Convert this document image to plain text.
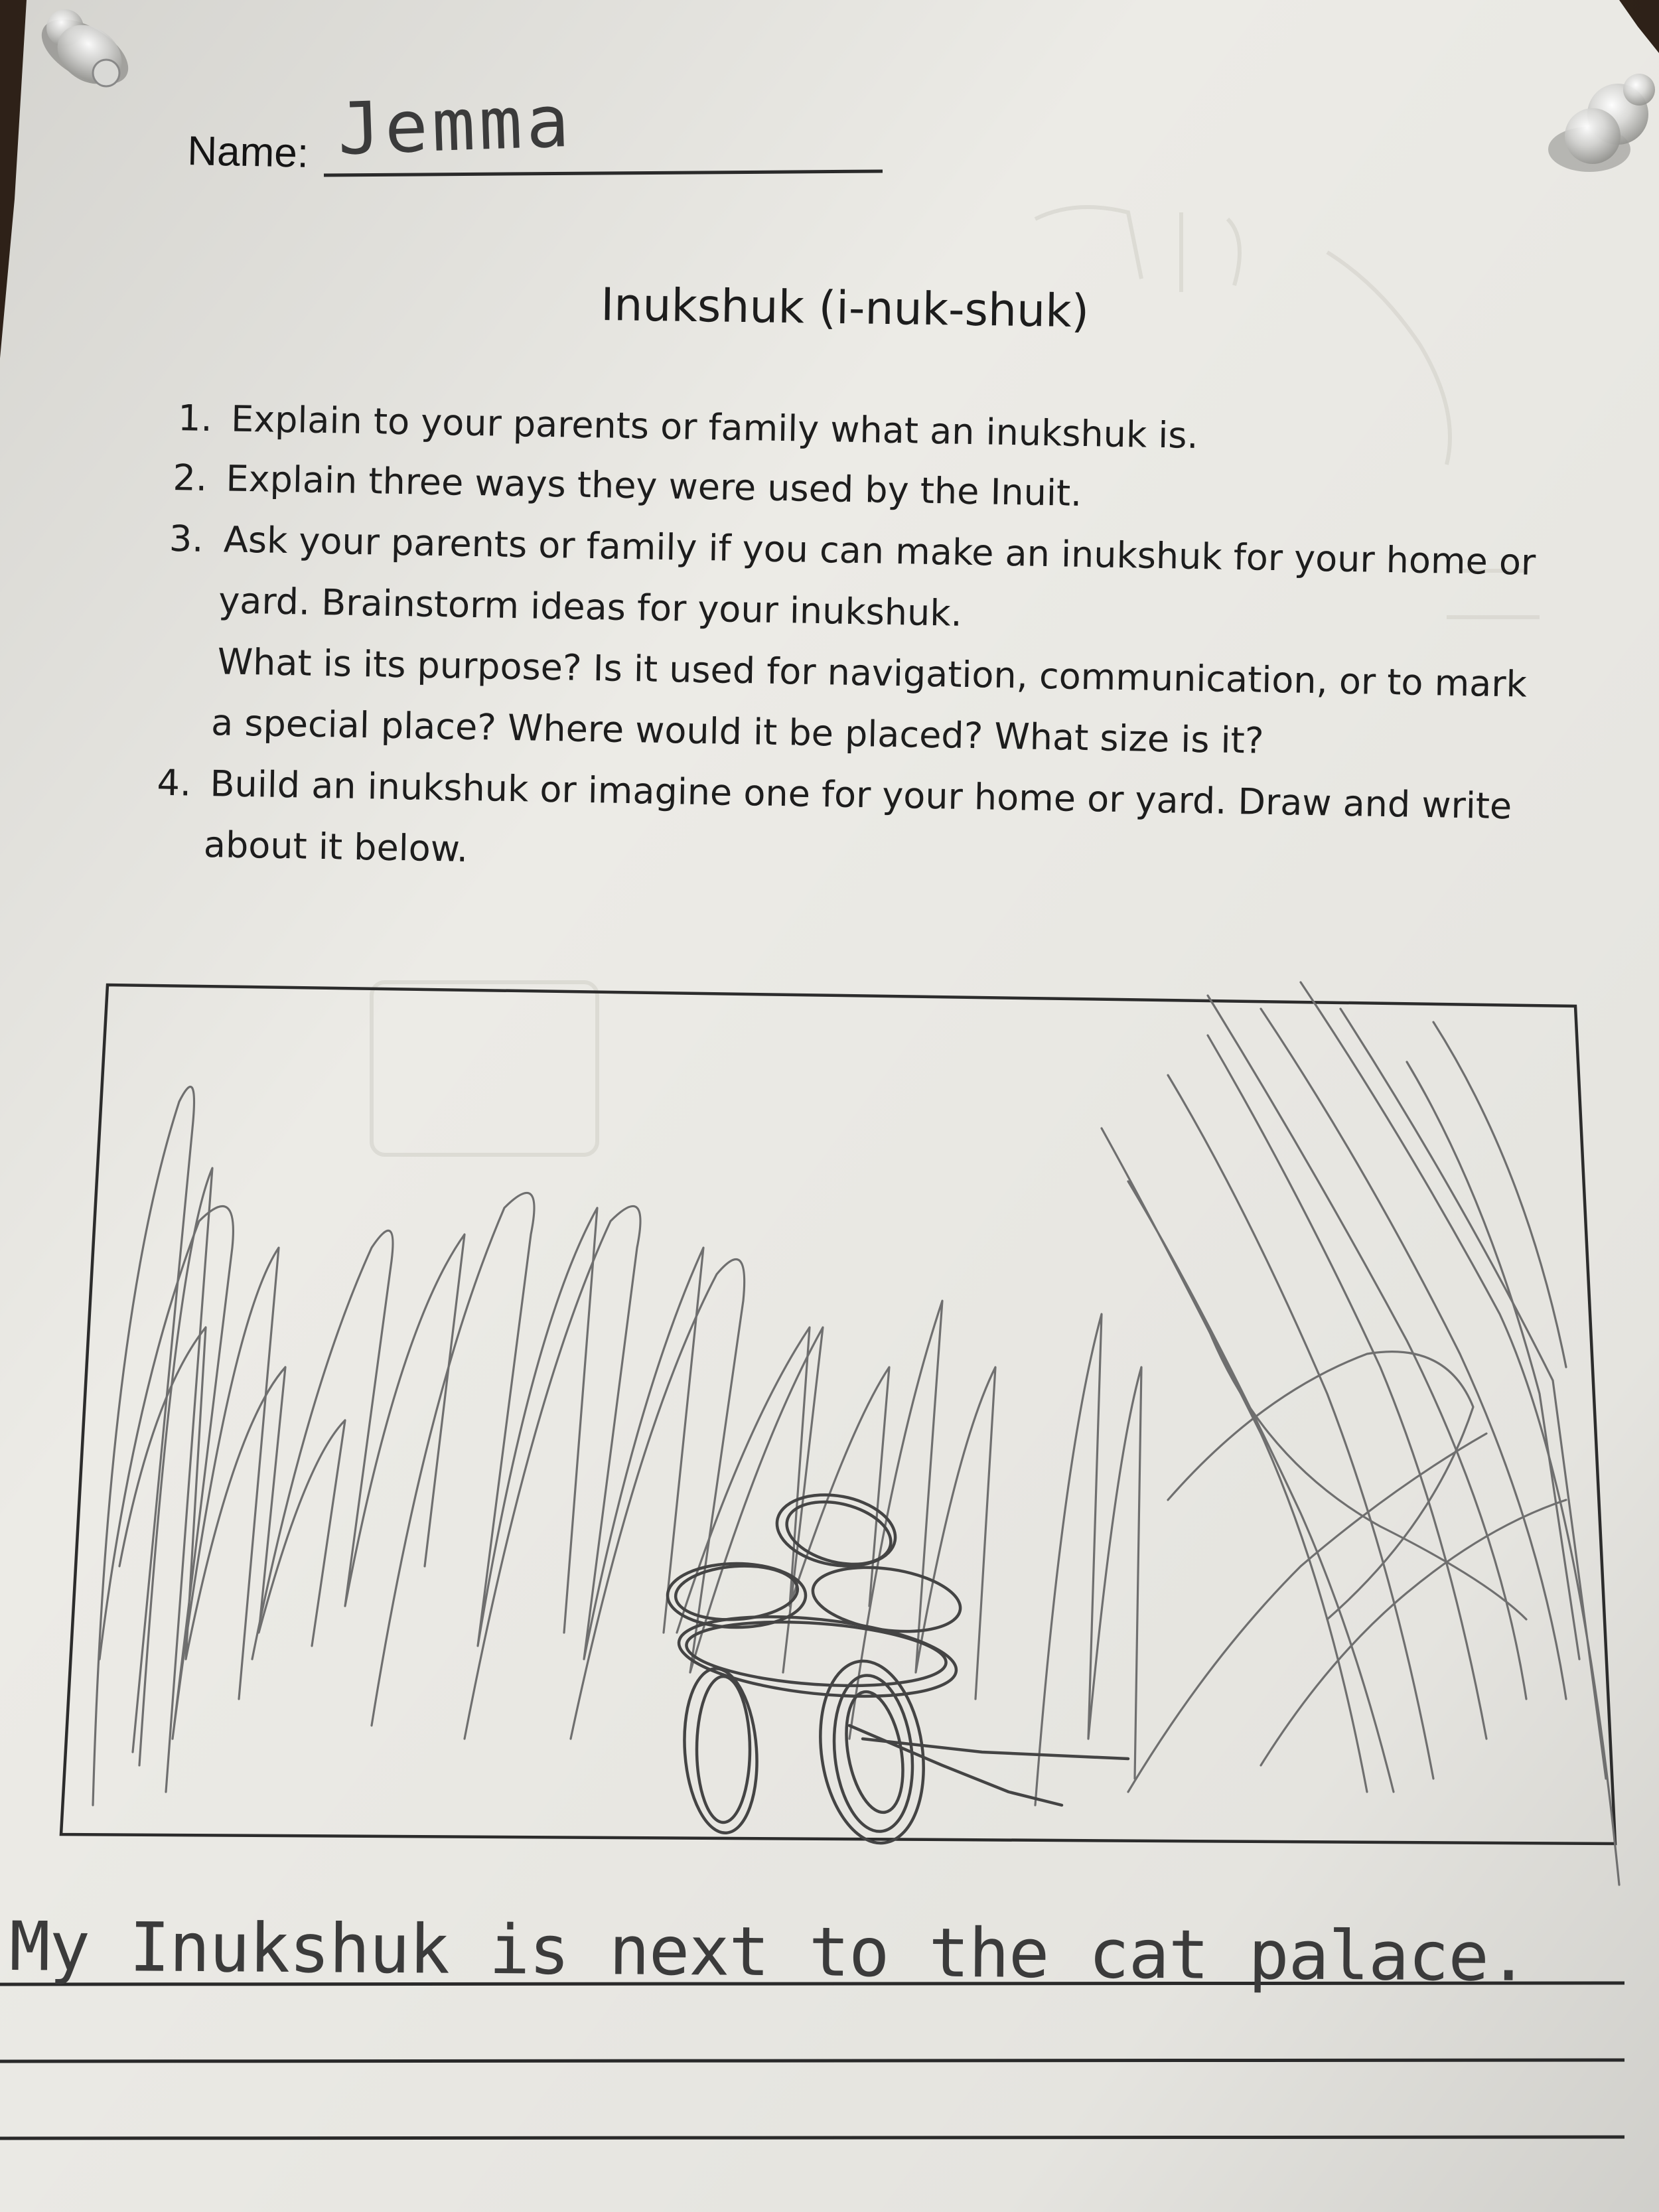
Name: Jemma
Inukshuk (i-nuk-shuk)
1. Explain to your parents or family what an inukshuk is.
2. Explain three ways they were used by the Inuit.
3. Ask your parents or family if you can make an inukshuk for your home or
yard. Brainstorm ideas for your inukshuk.
What is its purpose? Is it used for navigation, communication, or to mark
a special place? Where would it be placed? What size is it?
4. Build an inukshuk or imagine one for your home or yard. Draw and write
about it below.
My Inukshuk is next to the cat palace.
